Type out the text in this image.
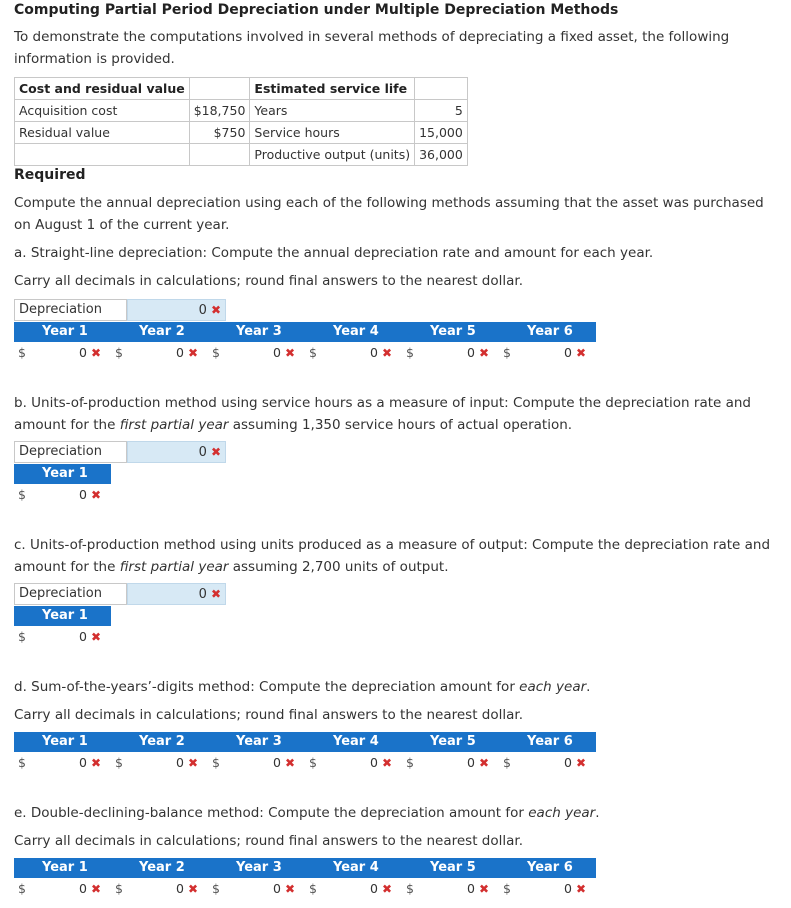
Computing Partial Period Depreciation under Multiple Depreciation Methods
To demonstrate the computations involved in several methods of depreciating a fixed asset, the following information is provided.
Cost and residual value		Estimated service life	
Acquisition cost	$18,750	Years	5
Residual value	$750	Service hours	15,000
		Productive output (units)	36,000
Required
Compute the annual depreciation using each of the following methods assuming that the asset was purchased on August 1 of the current year.
a. Straight-line depreciation: Compute the annual depreciation rate and amount for each year.
Carry all decimals in calculations; round final answers to the nearest dollar.
Depreciation	0 ✖
Year 1	Year 2	Year 3	Year 4	Year 5	Year 6
$	0 ✖ $	0 ✖ $	0 ✖ $	0 ✖ $	0 ✖ $	0 ✖
b. Units-of-production method using service hours as a measure of input: Compute the depreciation rate and amount for the first partial year assuming 1,350 service hours of actual operation.
Depreciation	0 ✖
Year 1
$	0 ✖
c. Units-of-production method using units produced as a measure of output: Compute the depreciation rate and amount for the first partial year assuming 2,700 units of output.
Depreciation	0 ✖
Year 1
$	0 ✖
d. Sum-of-the-years’-digits method: Compute the depreciation amount for each year.
Carry all decimals in calculations; round final answers to the nearest dollar.
Year 1	Year 2	Year 3	Year 4	Year 5	Year 6
$	0 ✖ $	0 ✖ $	0 ✖ $	0 ✖ $	0 ✖ $	0 ✖
e. Double-declining-balance method: Compute the depreciation amount for each year.
Carry all decimals in calculations; round final answers to the nearest dollar.
Year 1	Year 2	Year 3	Year 4	Year 5	Year 6
$	0 ✖ $	0 ✖ $	0 ✖ $	0 ✖ $	0 ✖ $	0 ✖
